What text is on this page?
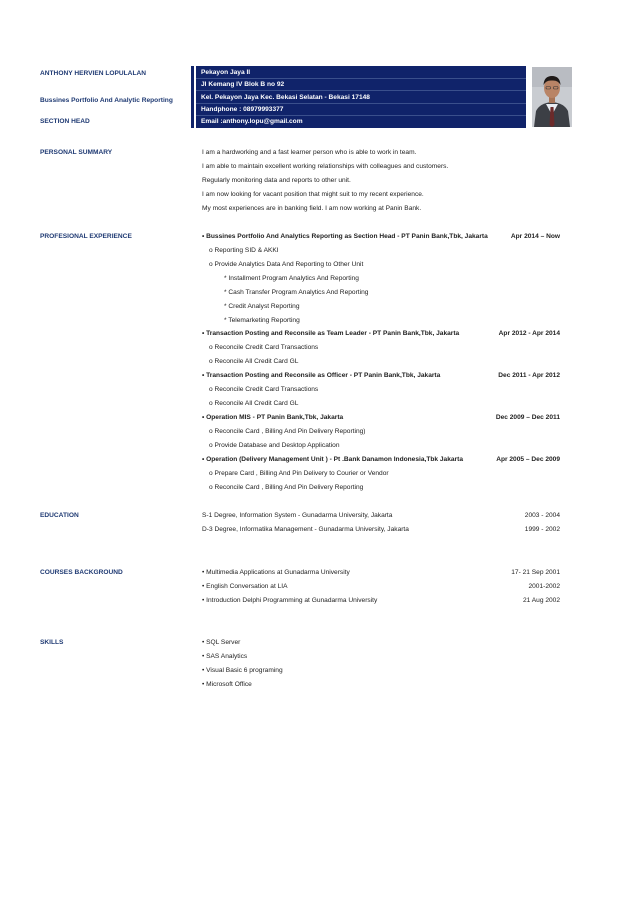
ANTHONY HERVIEN LOPULALAN
Bussines Portfolio And Analytic Reporting
SECTION HEAD
Pekayon Jaya II
Jl Kemang IV Blok B no 92
Kel. Pekayon Jaya Kec. Bekasi Selatan - Bekasi 17148
Handphone : 08979993377
Email :anthony.lopu@gmail.com
PERSONAL SUMMARY	I am a hardworking and a fast learner person who is able to work in team.
I am able to maintain excellent working relationships with colleagues and customers.
Regularly monitoring data and reports to other unit.
I am now looking for vacant position that might suit to my recent experience.
My most experiences are in banking field. I am now working at Panin Bank.
PROFESIONAL EXPERIENCE	• Bussines Portfolio And Analytics Reporting as Section Head - PT Panin Bank,Tbk, Jakarta	Apr 2014 – Now
o Reporting SID & AKKI
o Provide Analytics Data And Reporting to Other Unit
* Installment Program Analytics And Reporting
* Cash Transfer Program Analytics And Reporting
* Credit Analyst Reporting
* Telemarketing Reporting
• Transaction Posting and Reconsile as Team Leader - PT Panin Bank,Tbk, Jakarta	Apr 2012 - Apr 2014
o Reconcile Credit Card Transactions
o Reconcile All Credit Card GL
• Transaction Posting and Reconsile as Officer - PT Panin Bank,Tbk, Jakarta	Dec 2011 - Apr 2012
o Reconcile Credit Card Transactions
o Reconcile All Credit Card GL
• Operation MIS - PT Panin Bank,Tbk, Jakarta	Dec 2009 – Dec 2011
o Reconcile Card , Billing And Pin Delivery Reporting)
o Provide Database and Desktop Application
• Operation (Delivery Management Unit ) - Pt .Bank Danamon Indonesia,Tbk Jakarta	Apr 2005 – Dec 2009
o Prepare Card , Billing And Pin Delivery to Courier or Vendor
o Reconcile Card , Billing And Pin Delivery Reporting
EDUCATION	S-1 Degree, Information System - Gunadarma University, Jakarta	2003 - 2004
D-3 Degree, Informatika Management - Gunadarma University, Jakarta	1999 - 2002
COURSES BACKGROUND	• Multimedia Applications at Gunadarma University	17- 21 Sep 2001
• English Conversation at LIA	2001-2002
• Introduction Delphi Programming at Gunadarma University	21 Aug 2002
SKILLS	• SQL Server
• SAS Analytics
• Visual Basic 6 programing
• Microsoft Office
